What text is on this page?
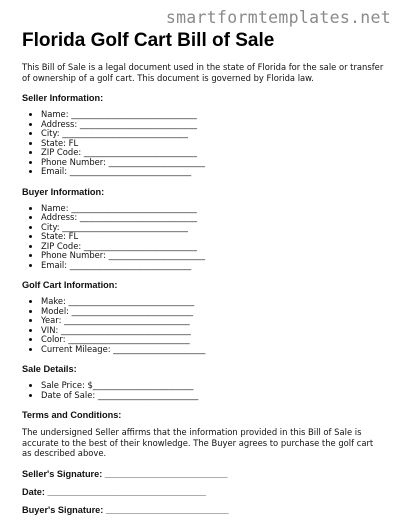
smartformtemplates.net
Florida Golf Cart Bill of Sale

This Bill of Sale is a legal document used in the state of Florida for the sale or transfer of ownership of a golf cart. This document is governed by Florida law.

Seller Information:
• Name: ______________________________
• Address: ____________________________
• City: ______________________________
• State: FL
• ZIP Code: ___________________________
• Phone Number: _______________________
• Email: _____________________________
Buyer Information:
• Name: ______________________________
• Address: ____________________________
• City: ______________________________
• State: FL
• ZIP Code: ___________________________
• Phone Number: _______________________
• Email: _____________________________
Golf Cart Information:
• Make: ______________________________
• Model: _____________________________
• Year: ______________________________
• VIN: _______________________________
• Color: _____________________________
• Current Mileage: ______________________
Sale Details:
• Sale Price: $________________________
• Date of Sale: ________________________
Terms and Conditions:

The undersigned Seller affirms that the information provided in this Bill of Sale is accurate to the best of their knowledge. The Buyer agrees to purchase the golf cart as described above.

Seller's Signature: ________________________
Date: _______________________________
Buyer's Signature: ________________________
